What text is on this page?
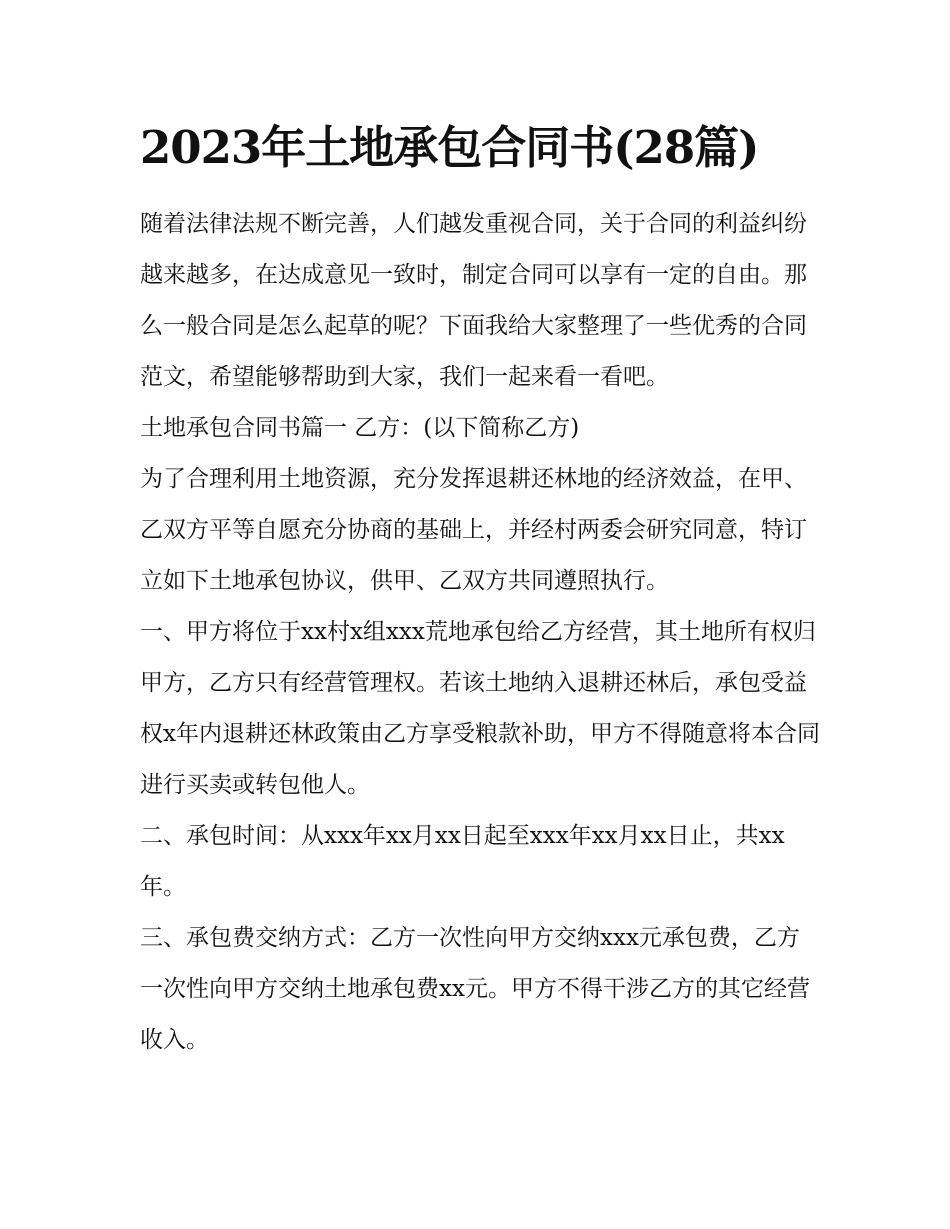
2023年土地承包合同书(28篇)

随着法律法规不断完善，人们越发重视合同，关于合同的利益纠纷越来越多，在达成意见一致时，制定合同可以享有一定的自由。那么一般合同是怎么起草的呢？下面我给大家整理了一些优秀的合同范文，希望能够帮助到大家，我们一起来看一看吧。

土地承包合同书篇一 乙方：(以下简称乙方)

为了合理利用土地资源，充分发挥退耕还林地的经济效益，在甲、乙双方平等自愿充分协商的基础上，并经村两委会研究同意，特订立如下土地承包协议，供甲、乙双方共同遵照执行。

一、甲方将位于xx村x组xxx荒地承包给乙方经营，其土地所有权归甲方，乙方只有经营管理权。若该土地纳入退耕还林后，承包受益权x年内退耕还林政策由乙方享受粮款补助，甲方不得随意将本合同进行买卖或转包他人。

二、承包时间：从xxx年xx月xx日起至xxx年xx月xx日止，共xx年。

三、承包费交纳方式：乙方一次性向甲方交纳xxx元承包费，乙方一次性向甲方交纳土地承包费xx元。甲方不得干涉乙方的其它经营收入。
